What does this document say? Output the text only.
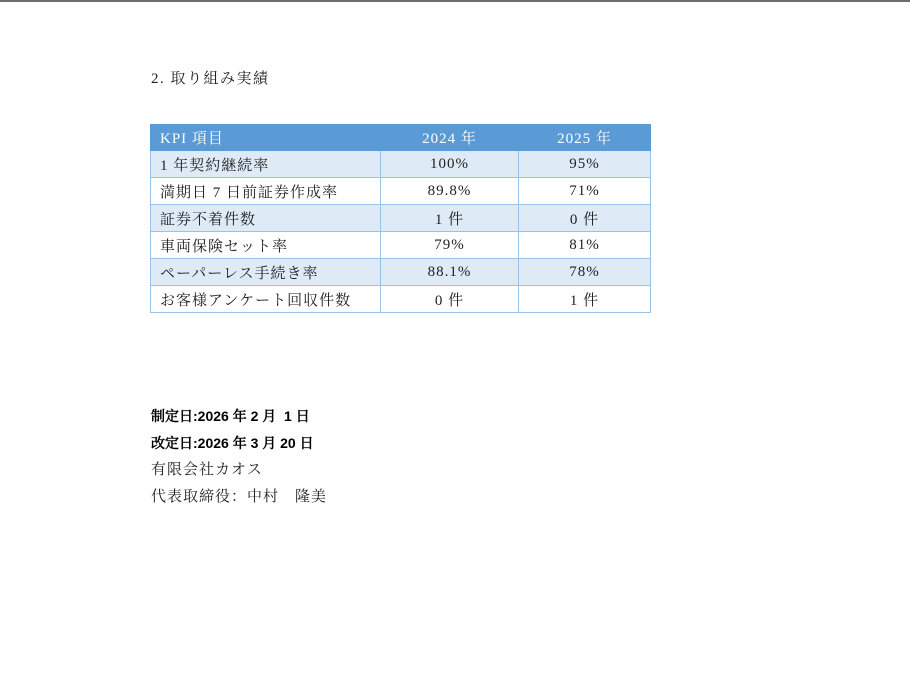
2. 取り組み実績
KPI 項目	2024 年	2025 年
1 年契約継続率	100%	95%
満期日 7 日前証券作成率	89.8%	71%
証券不着件数	1 件	0 件
車両保険セット率	79%	81%
ペーパーレス手続き率	88.1%	78%
お客様アンケート回収件数	0 件	1 件
制定日:2026 年 2 月  1 日
改定日:2026 年 3 月 20 日
有限会社カオス
代表取締役：中村　隆美
